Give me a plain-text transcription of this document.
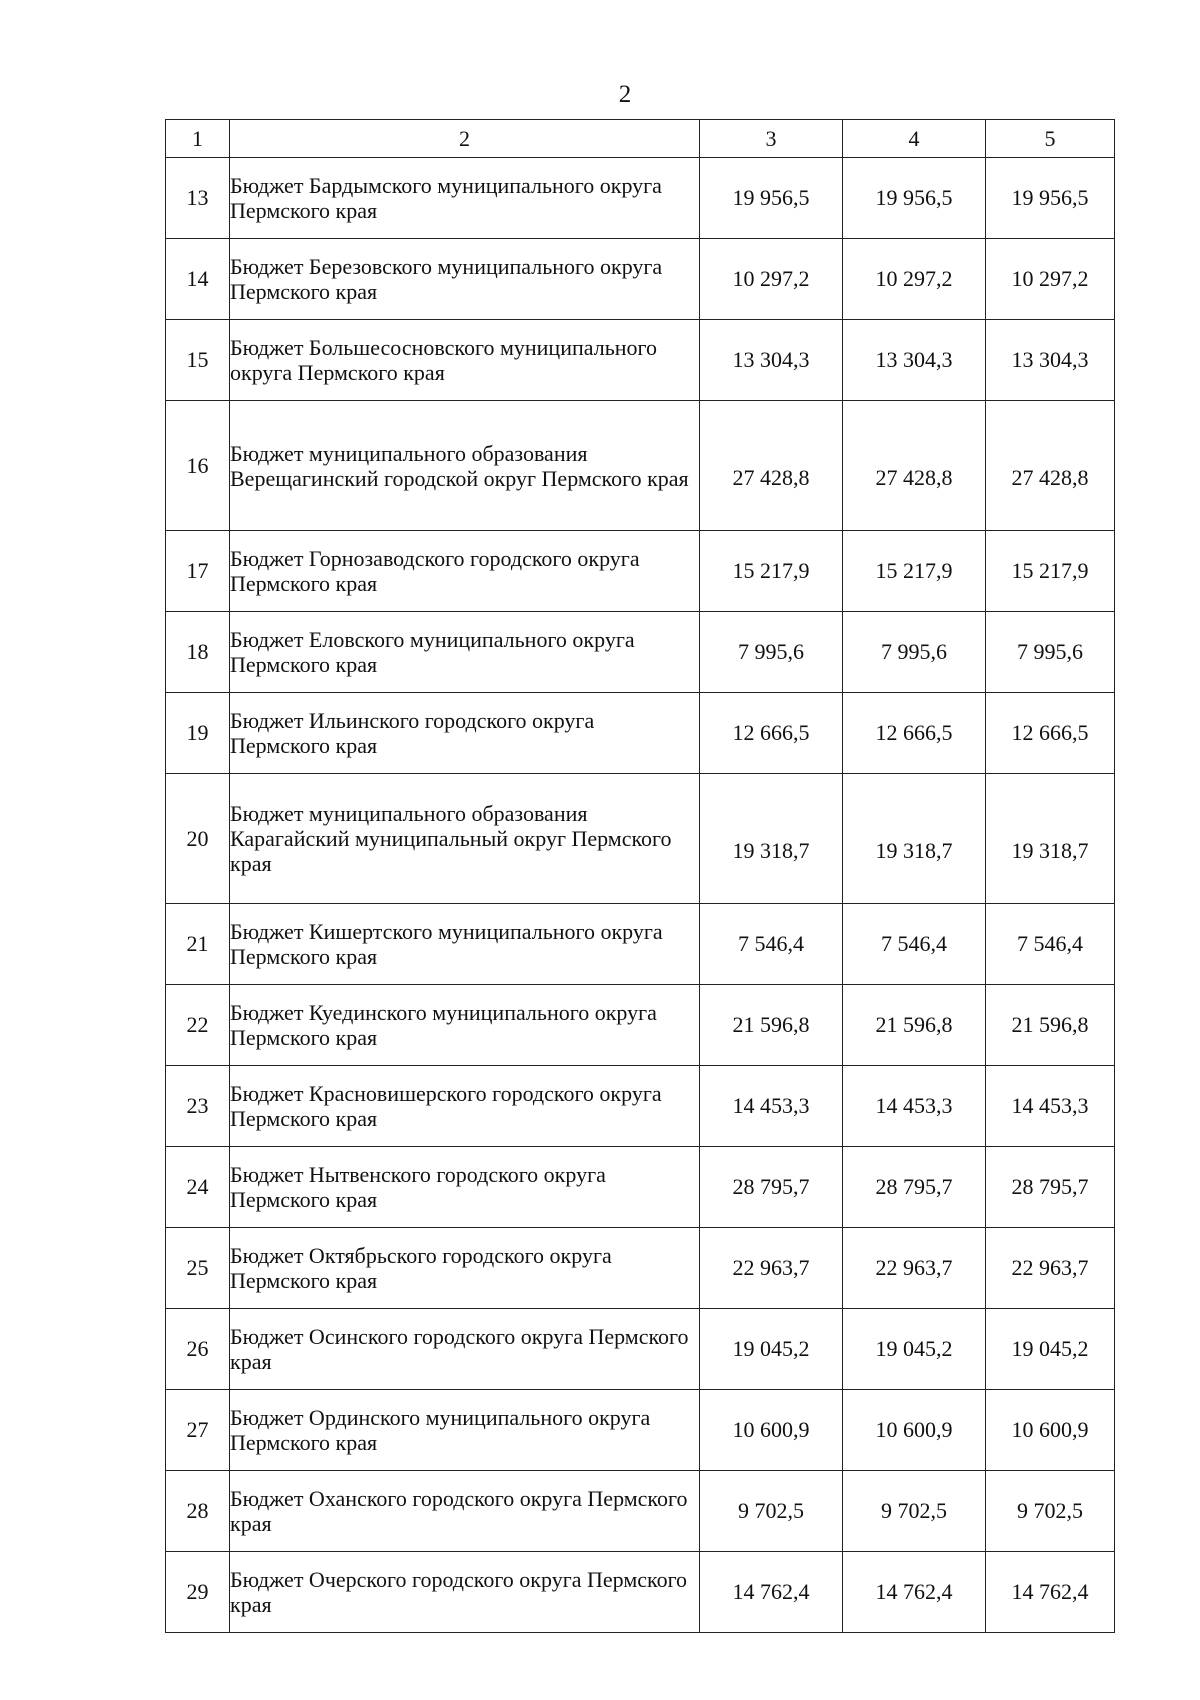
2
1	2	3	4	5
13	Бюджет Бардымского муниципального округа Пермского края	19 956,5	19 956,5	19 956,5
14	Бюджет Березовского муниципального округа Пермского края	10 297,2	10 297,2	10 297,2
15	Бюджет Большесосновского муниципального округа Пермского края	13 304,3	13 304,3	13 304,3
16	Бюджет муниципального образования Верещагинский городской округ Пермского края	27 428,8	27 428,8	27 428,8
17	Бюджет Горнозаводского городского округа Пермского края	15 217,9	15 217,9	15 217,9
18	Бюджет Еловского муниципального округа Пермского края	7 995,6	7 995,6	7 995,6
19	Бюджет Ильинского городского округа Пермского края	12 666,5	12 666,5	12 666,5
20	Бюджет муниципального образования Карагайский муниципальный округ Пермского края	19 318,7	19 318,7	19 318,7
21	Бюджет Кишертского муниципального округа Пермского края	7 546,4	7 546,4	7 546,4
22	Бюджет Куединского муниципального округа Пермского края	21 596,8	21 596,8	21 596,8
23	Бюджет Красновишерского городского округа Пермского края	14 453,3	14 453,3	14 453,3
24	Бюджет Нытвенского городского округа Пермского края	28 795,7	28 795,7	28 795,7
25	Бюджет Октябрьского городского округа Пермского края	22 963,7	22 963,7	22 963,7
26	Бюджет Осинского городского округа Пермского края	19 045,2	19 045,2	19 045,2
27	Бюджет Ординского муниципального округа Пермского края	10 600,9	10 600,9	10 600,9
28	Бюджет Оханского городского округа Пермского края	9 702,5	9 702,5	9 702,5
29	Бюджет Очерского городского округа Пермского края	14 762,4	14 762,4	14 762,4
